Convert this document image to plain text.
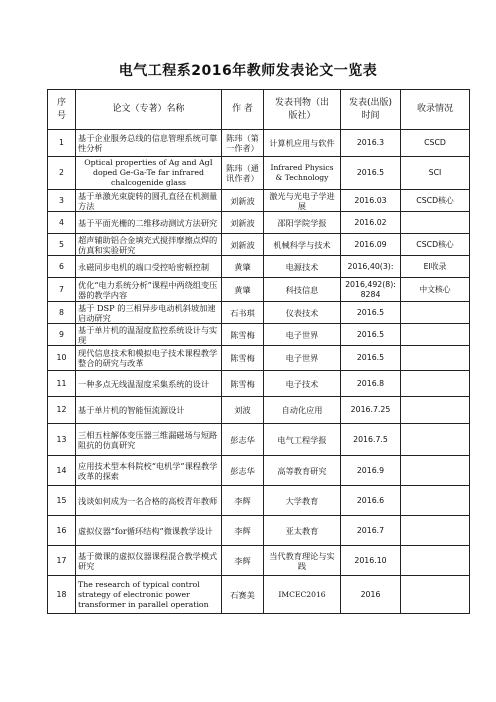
电气工程系2016年教师发表论文一览表
序号	论文（专著）名称	作 者	发表刊物（出版社）	发表(出版)时间	收录情况
1	基于企业服务总线的信息管理系统可靠性分析	陈玮（第一作者）	计算机应用与软件	2016.3	CSCD
2	Optical properties of Ag and AgI doped Ge-Ga-Te far infrared chalcogenide glass	陈玮（通讯作者）	Infrared Physics & Technology	2016.5	SCI
3	基于单激光束旋转的圆孔直径在机测量方法	刘新波	激光与光电子学进展	2016.03	CSCD核心
4	基于平面光栅的二维移动测试方法研究	刘新波	邵阳学院学报	2016.02	
5	超声辅助铝合金填充式搅拌摩擦点焊的仿真和实验研究	刘新波	机械科学与技术	2016.09	CSCD核心
6	永磁同步电机的端口受控哈密顿控制	黄肇	电源技术	2016,40(3):	EI收录
7	优化“电力系统分析”课程中两绕组变压器的教学内容	黄肇	科技信息	2016,492(8):8284	中文核心
8	基于 DSP 的三相异步电动机斜坡加速启动研究	石书琪	仪表技术	2016.5	
9	基于单片机的温湿度监控系统设计与实现	陈雪梅	电子世界	2016.5	
10	现代信息技术和模拟电子技术课程教学整合的研究与改革	陈雪梅	电子世界	2016.5	
11	一种多点无线温湿度采集系统的设计	陈雪梅	电子技术	2016.8	
12	基于单片机的智能恒流源设计	刘波	自动化应用	2016.7.25	
13	三相五柱解体变压器三维漏磁场与短路阻抗的仿真研究	彭志华	电气工程学报	2016.7.5	
14	应用技术型本科院校“电机学”课程教学改革的探索	彭志华	高等教育研究	2016.9	
15	浅谈如何成为一名合格的高校青年教师	李辉	大学教育	2016.6	
16	虚拟仪器“for循环结构”微课教学设计	李辉	亚太教育	2016.7	
17	基于微课的虚拟仪器课程混合教学模式研究	李辉	当代教育理论与实践	2016.10	
18	The research of typical control strategy of electronic power transformer in parallel operation	石赛美	IMCEC2016	2016	
